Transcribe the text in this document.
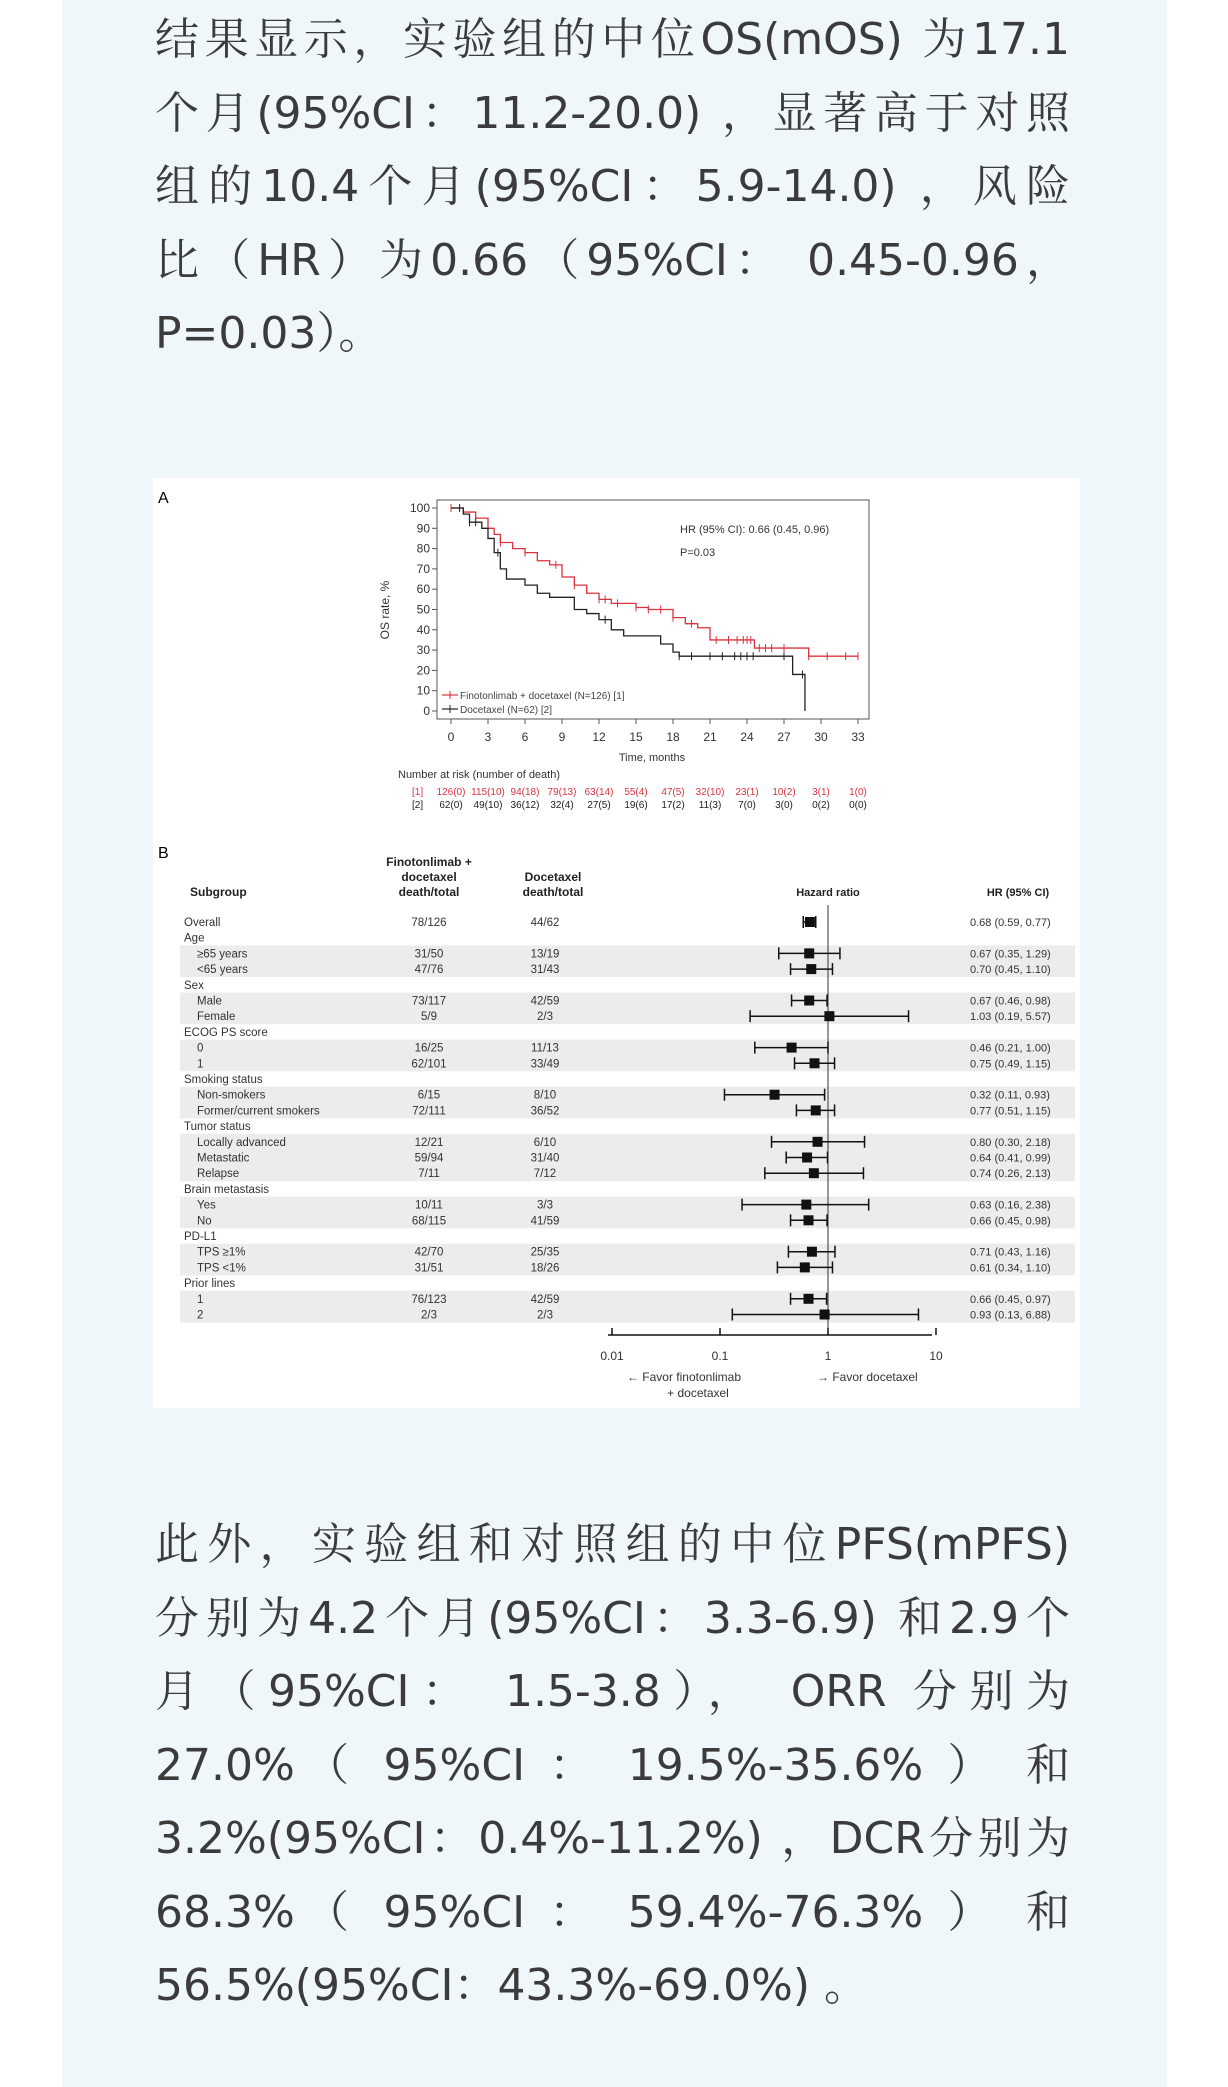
结果显示，实验组的中位OS(mOS) 为17.1
个月(95%CI：11.2-20.0) ，显著高于对照
组的10.4个月(95%CI：5.9-14.0) ，风险
比（HR）为0.66（95%CI： 0.45-0.96，
P=0.03）。
A
0
10
20
30
40
50
60
70
80
90
100
0	3	6	9 12 15 18 21 24 27 30 33
Time, months
OS rate, %
HR (95% CI): 0.66 (0.45, 0.96)
P=0.03
Finotonlimab + docetaxel (N=126) [1]
Docetaxel (N=62) [2]
Number at risk (number of death)
[1] 126(0) 115(10) 94(18) 79(13) 63(14) 55(4) 47(5) 32(10) 23(1) 10(2) 3(1) 1(0)
[2] 62(0) 49(10) 36(12) 32(4) 27(5) 19(6) 17(2) 11(3) 7(0) 3(0) 0(2) 0(0)
B
Subgroup
Finotonlimab +
docetaxel
death/total
Docetaxel
death/total	Hazard ratio	HR (95% CI)
Overall	78/126	44/62	0.68 (0.59, 0.77)
Age
≥65 years	31/50	13/19	0.67 (0.35, 1.29)
<65 years	47/76	31/43	0.70 (0.45, 1.10)
Sex
Male	73/117	42/59	0.67 (0.46, 0.98)
Female	5/9	2/3	1.03 (0.19, 5.57)
ECOG PS score
0	16/25	11/13	0.46 (0.21, 1.00)
1	62/101	33/49	0.75 (0.49, 1.15)
Smoking status
Non-smokers	6/15	8/10	0.32 (0.11, 0.93)
Former/current smokers	72/111	36/52	0.77 (0.51, 1.15)
Tumor status
Locally advanced	12/21	6/10	0.80 (0.30, 2.18)
Metastatic	59/94	31/40	0.64 (0.41, 0.99)
Relapse	7/11	7/12	0.74 (0.26, 2.13)
Brain metastasis
Yes	10/11	3/3	0.63 (0.16, 2.38)
No	68/115	41/59	0.66 (0.45, 0.98)
PD-L1
TPS ≥1%	42/70	25/35	0.71 (0.43, 1.16)
TPS <1%	31/51	18/26	0.61 (0.34, 1.10)
Prior lines
1	76/123	42/59	0.66 (0.45, 0.97)
2	2/3	2/3	0.93 (0.13, 6.88)
0.01	0.1	1	10
← Favor finotonlimab
+ docetaxel
→ Favor docetaxel
此外，实验组和对照组的中位PFS(mPFS)
分别为4.2个月(95%CI：3.3-6.9) 和2.9个
月（95%CI： 1.5-3.8）， ORR 分别为
27.0%（ 95%CI ： 19.5%-35.6% ） 和
3.2%(95%CI：0.4%-11.2%) ，DCR分别为
68.3%（ 95%CI ： 59.4%-76.3% ） 和
56.5%(95%CI：43.3%-69.0%) 。
